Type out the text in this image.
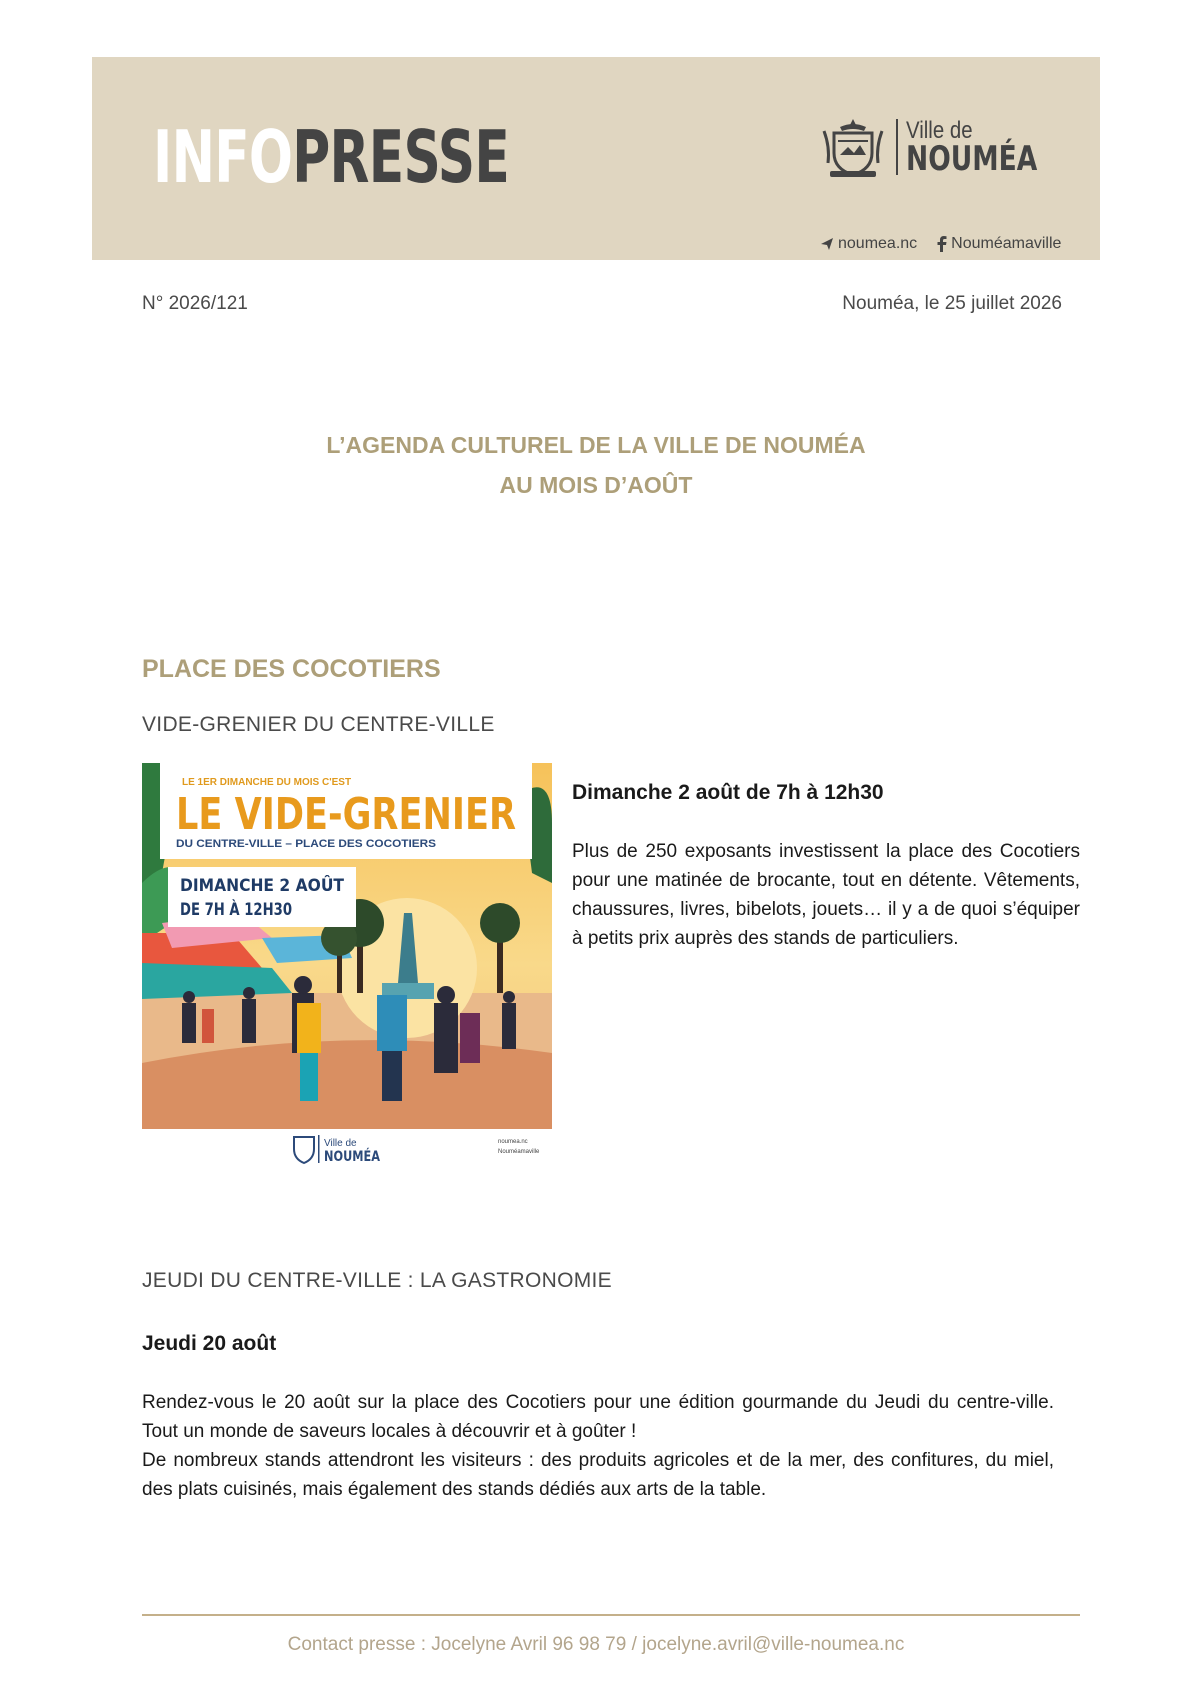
INFOPRESSE	Ville de
NOUMÉA
noumea.nc Nouméamaville
N° 2026/121	Nouméa, le 25 juillet 2026
L’AGENDA CULTUREL DE LA VILLE DE NOUMÉA
AU MOIS D’AOÛT
PLACE DES COCOTIERS
VIDE-GRENIER DU CENTRE-VILLE
LE 1ER DIMANCHE DU MOIS C'EST
LE VIDE-GRENIER
DU CENTRE-VILLE – PLACE DES COCOTIERS
DIMANCHE 2 AOÛT
DE 7H À 12H30
Ville de
NOUMÉA
noumea.nc
Nouméamaville
Dimanche 2 août de 7h à 12h30

Plus de 250 exposants investissent la place des Cocotiers pour une matinée de brocante, tout en détente. Vêtements, chaussures, livres, bibelots, jouets… il y a de quoi s’équiper à petits prix auprès des stands de particuliers.

JEUDI DU CENTRE-VILLE : LA GASTRONOMIE
Jeudi 20 août

Rendez-vous le 20 août sur la place des Cocotiers pour une édition gourmande du Jeudi du centre-ville. Tout un monde de saveurs locales à découvrir et à goûter !

De nombreux stands attendront les visiteurs : des produits agricoles et de la mer, des confitures, du miel, des plats cuisinés, mais également des stands dédiés aux arts de la table.

Contact presse : Jocelyne Avril 96 98 79 / jocelyne.avril@ville-noumea.nc
